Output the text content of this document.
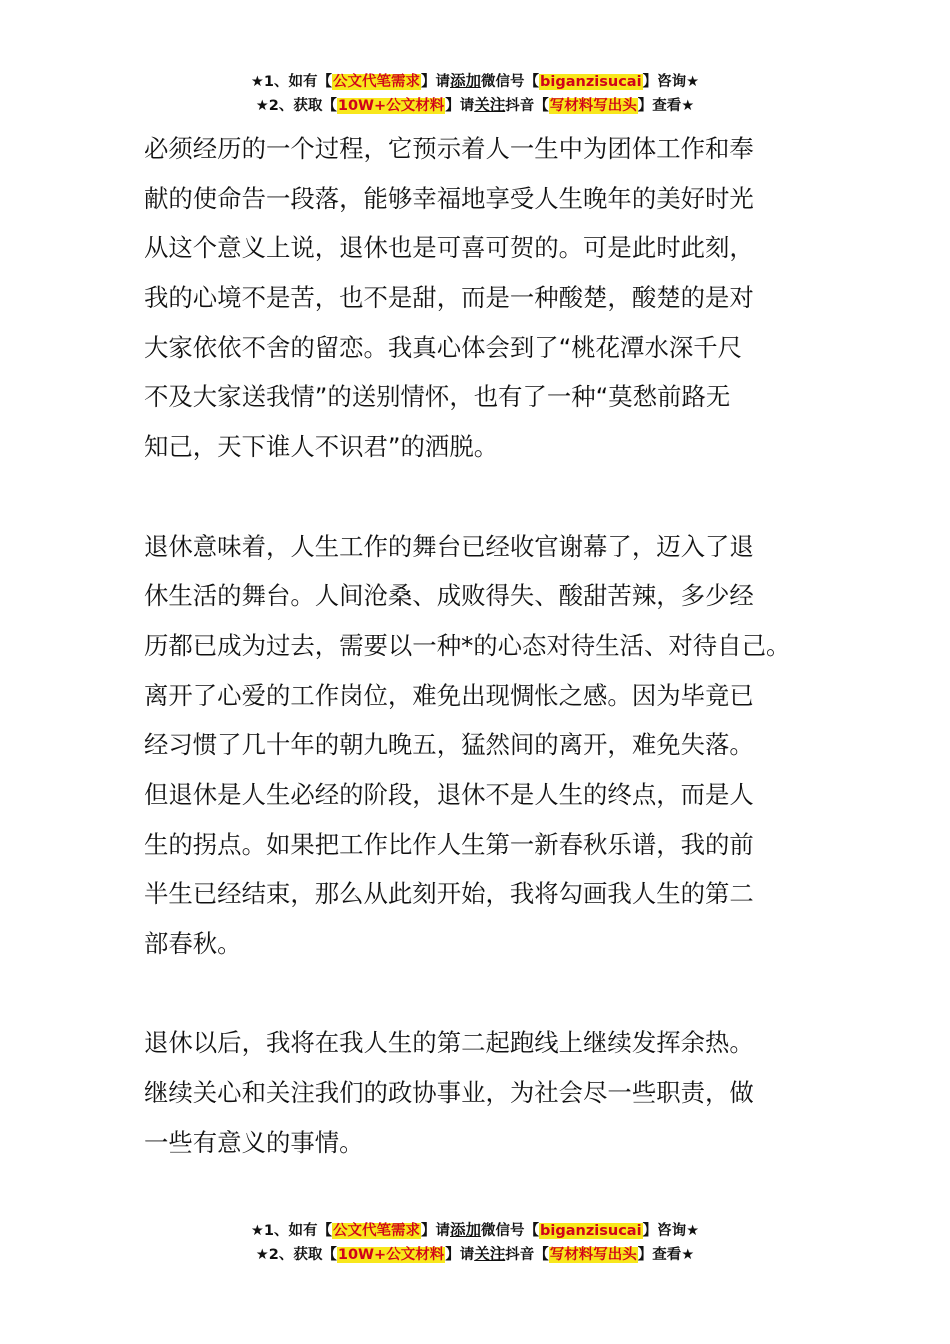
★1、如有【公文代笔需求】请添加微信号【biganzisucai】咨询★
★2、获取【10W+公文材料】请关注抖音【写材料写出头】查看★
必须经历的一个过程，它预示着人一生中为团体工作和奉
献的使命告一段落，能够幸福地享受人生晚年的美好时光
从这个意义上说，退休也是可喜可贺的。可是此时此刻，
我的心境不是苦，也不是甜，而是一种酸楚，酸楚的是对
大家依依不舍的留恋。我真心体会到了“桃花潭水深千尺
不及大家送我情”的送别情怀，也有了一种“莫愁前路无
知己，天下谁人不识君”的洒脱。
退休意味着，人生工作的舞台已经收官谢幕了，迈入了退
休生活的舞台。人间沧桑、成败得失、酸甜苦辣，多少经
历都已成为过去，需要以一种*的心态对待生活、对待自己。
离开了心爱的工作岗位，难免出现惆怅之感。因为毕竟已
经习惯了几十年的朝九晚五，猛然间的离开，难免失落。
但退休是人生必经的阶段，退休不是人生的终点，而是人
生的拐点。如果把工作比作人生第一新春秋乐谱，我的前
半生已经结束，那么从此刻开始，我将勾画我人生的第二
部春秋。
退休以后，我将在我人生的第二起跑线上继续发挥余热。
继续关心和关注我们的政协事业，为社会尽一些职责，做
一些有意义的事情。
★1、如有【公文代笔需求】请添加微信号【biganzisucai】咨询★
★2、获取【10W+公文材料】请关注抖音【写材料写出头】查看★
